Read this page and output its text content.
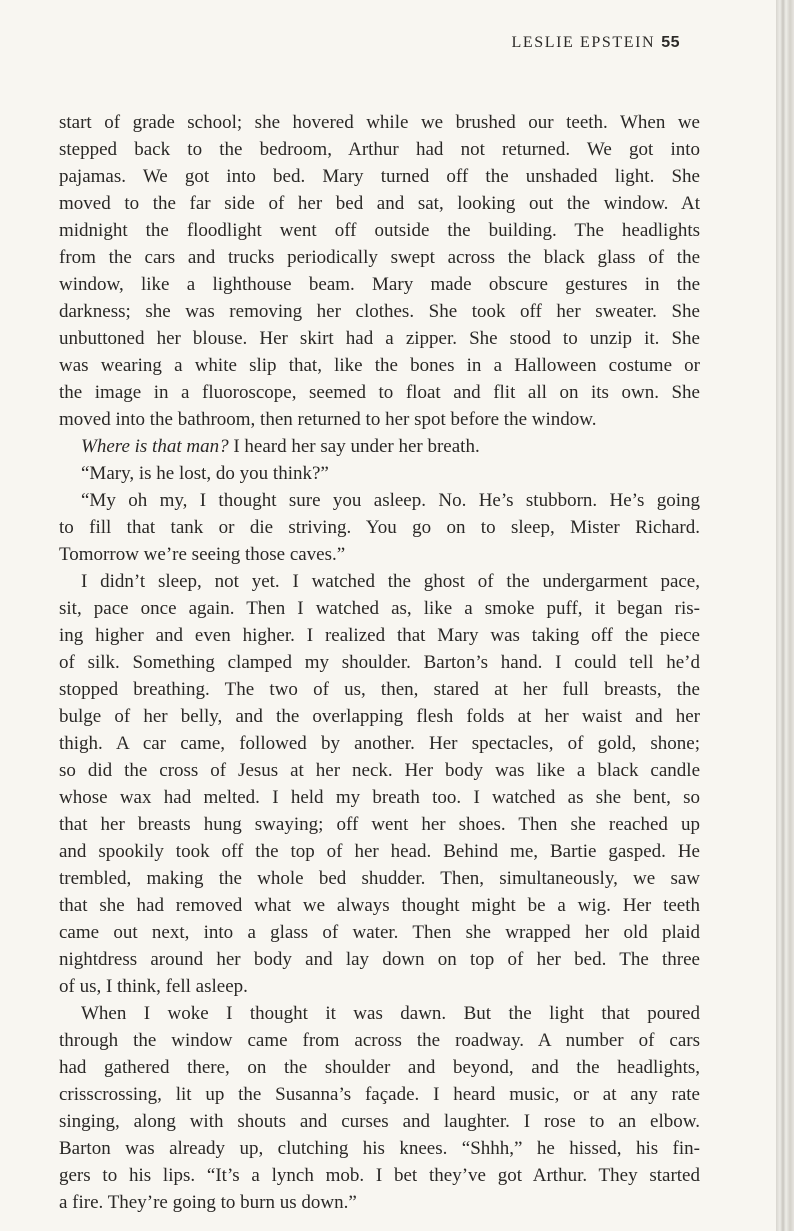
LESLIE EPSTEIN 55
start of grade school; she hovered while we brushed our teeth. When we
stepped back to the bedroom, Arthur had not returned. We got into
pajamas. We got into bed. Mary turned off the unshaded light. She
moved to the far side of her bed and sat, looking out the window. At
midnight the floodlight went off outside the building. The headlights
from the cars and trucks periodically swept across the black glass of the
window, like a lighthouse beam. Mary made obscure gestures in the
darkness; she was removing her clothes. She took off her sweater. She
unbuttoned her blouse. Her skirt had a zipper. She stood to unzip it. She
was wearing a white slip that, like the bones in a Halloween costume or
the image in a fluoroscope, seemed to float and flit all on its own. She
moved into the bathroom, then returned to her spot before the window.
Where is that man? I heard her say under her breath.
“Mary, is he lost, do you think?”
“My oh my, I thought sure you asleep. No. He’s stubborn. He’s going
to fill that tank or die striving. You go on to sleep, Mister Richard.
Tomorrow we’re seeing those caves.”
I didn’t sleep, not yet. I watched the ghost of the undergarment pace,
sit, pace once again. Then I watched as, like a smoke puff, it began ris-
ing higher and even higher. I realized that Mary was taking off the piece
of silk. Something clamped my shoulder. Barton’s hand. I could tell he’d
stopped breathing. The two of us, then, stared at her full breasts, the
bulge of her belly, and the overlapping flesh folds at her waist and her
thigh. A car came, followed by another. Her spectacles, of gold, shone;
so did the cross of Jesus at her neck. Her body was like a black candle
whose wax had melted. I held my breath too. I watched as she bent, so
that her breasts hung swaying; off went her shoes. Then she reached up
and spookily took off the top of her head. Behind me, Bartie gasped. He
trembled, making the whole bed shudder. Then, simultaneously, we saw
that she had removed what we always thought might be a wig. Her teeth
came out next, into a glass of water. Then she wrapped her old plaid
nightdress around her body and lay down on top of her bed. The three
of us, I think, fell asleep.
When I woke I thought it was dawn. But the light that poured
through the window came from across the roadway. A number of cars
had gathered there, on the shoulder and beyond, and the headlights,
crisscrossing, lit up the Susanna’s façade. I heard music, or at any rate
singing, along with shouts and curses and laughter. I rose to an elbow.
Barton was already up, clutching his knees. “Shhh,” he hissed, his fin-
gers to his lips. “It’s a lynch mob. I bet they’ve got Arthur. They started
a fire. They’re going to burn us down.”
